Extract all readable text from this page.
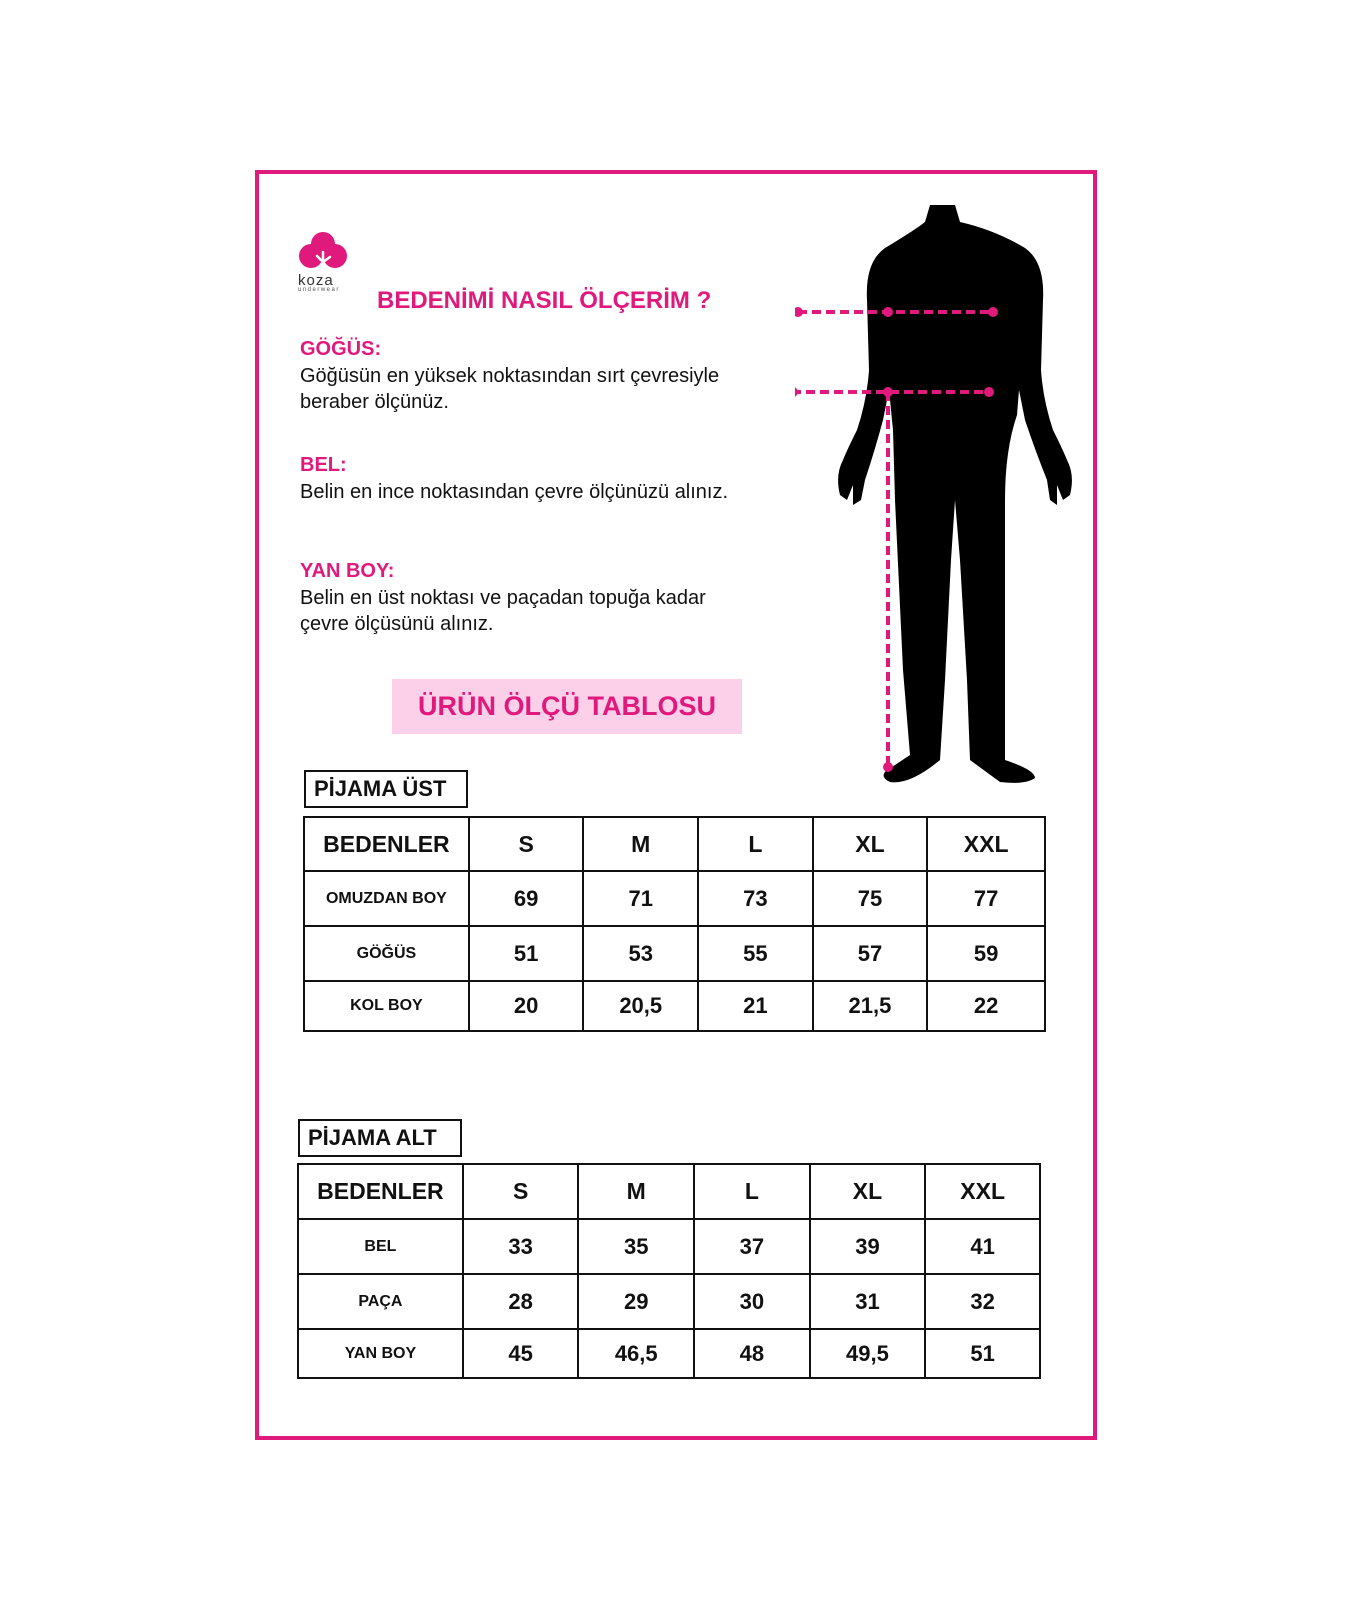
koza
underwear BEDENİMİ NASIL ÖLÇERİM ?
GÖĞÜS:
Göğüsün en yüksek noktasından sırt çevresiyle beraber ölçünüz.
BEL:
Belin en ince noktasından çevre ölçünüzü alınız.
YAN BOY:
Belin en üst noktası ve paçadan topuğa kadar çevre ölçüsünü alınız.
ÜRÜN ÖLÇÜ TABLOSU
PİJAMA ÜST
BEDENLER	S	M	L	XL	XXL
OMUZDAN BOY	69	71	73	75	77
GÖĞÜS	51	53	55	57	59
KOL BOY	20	20,5	21	21,5	22
PİJAMA ALT
BEDENLER	S	M	L	XL	XXL
BEL	33	35	37	39	41
PAÇA	28	29	30	31	32
YAN BOY	45	46,5	48	49,5	51
